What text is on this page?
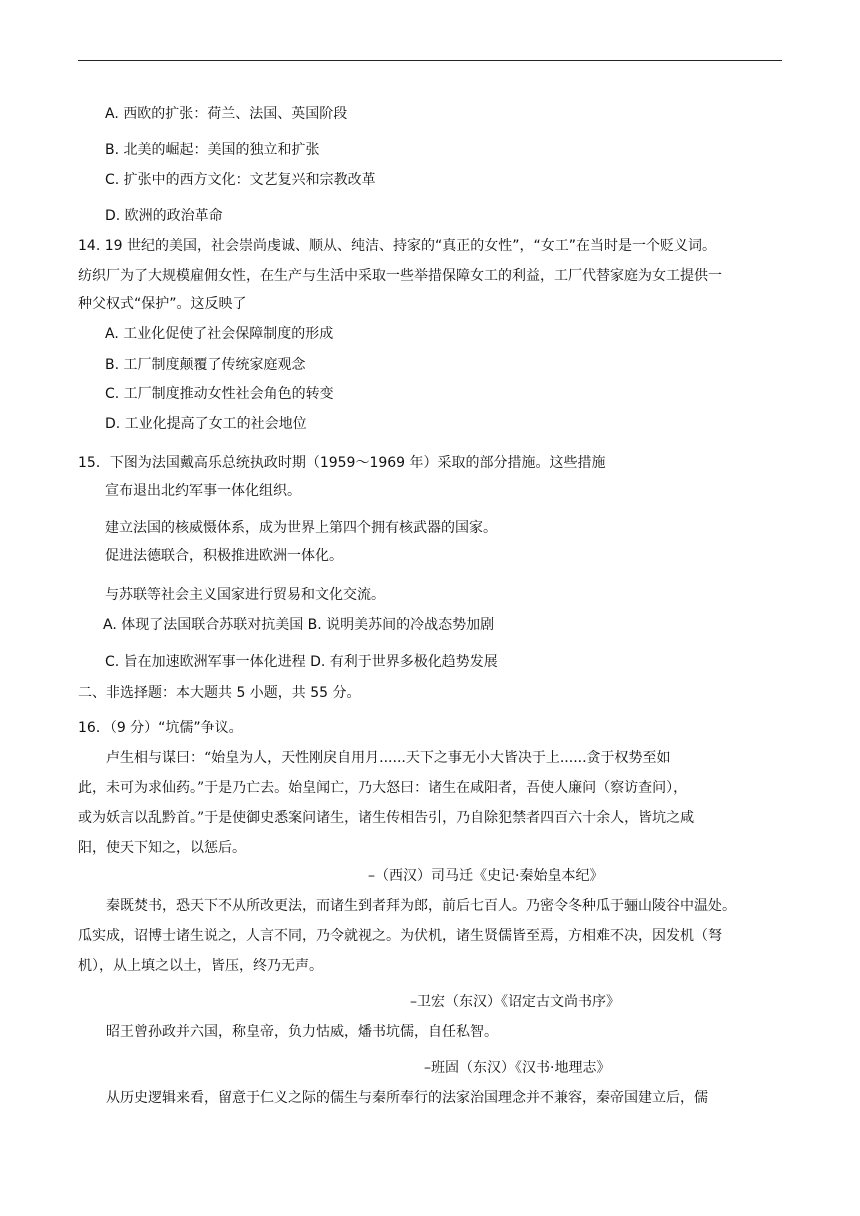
A. 西欧的扩张：荷兰、法国、英国阶段
B. 北美的崛起：美国的独立和扩张
C. 扩张中的西方文化：文艺复兴和宗教改革
D. 欧洲的政治革命
14. 19 世纪的美国，社会崇尚虔诚、顺从、纯洁、持家的“真正的女性”，“女工”在当时是一个贬义词。
纺织厂为了大规模雇佣女性，在生产与生活中采取一些举措保障女工的利益，工厂代替家庭为女工提供一
种父权式“保护”。这反映了
A. 工业化促使了社会保障制度的形成
B. 工厂制度颠覆了传统家庭观念
C. 工厂制度推动女性社会角色的转变
D. 工业化提高了女工的社会地位
15．下图为法国戴高乐总统执政时期（1959～1969 年）采取的部分措施。这些措施
宣布退出北约军事一体化组织。
建立法国的核威慑体系，成为世界上第四个拥有核武器的国家。
促进法德联合，积极推进欧洲一体化。
与苏联等社会主义国家进行贸易和文化交流。
A. 体现了法国联合苏联对抗美国 B. 说明美苏间的冷战态势加剧
C. 旨在加速欧洲军事一体化进程 D. 有利于世界多极化趋势发展
二、非选择题：本大题共 5 小题，共 55 分。
16．（9 分）“坑儒”争议。
卢生相与谋曰：“始皇为人，天性刚戾自用月......天下之事无小大皆决于上......贪于权势至如
此，未可为求仙药。”于是乃亡去。始皇闻亡，乃大怒曰：诸生在咸阳者，吾使人廉问（察访查问），
或为妖言以乱黔首。”于是使御史悉案问诸生，诸生传相告引，乃自除犯禁者四百六十余人，皆坑之咸
阳，使天下知之，以惩后。
–（西汉）司马迁《史记·秦始皇本纪》
秦既焚书，恐天下不从所改更法，而诸生到者拜为郎，前后七百人。乃密令冬种瓜于骊山陵谷中温处。
瓜实成，诏博士诸生说之，人言不同，乃令就视之。为伏机，诸生贤儒皆至焉，方相难不决，因发机（弩
机），从上填之以土，皆压，终乃无声。
–卫宏（东汉）《诏定古文尚书序》
昭王曾孙政并六国，称皇帝，负力怙威，燔书坑儒，自任私智。
–班固（东汉）《汉书·地理志》
从历史逻辑来看，留意于仁义之际的儒生与秦所奉行的法家治国理念并不兼容，秦帝国建立后，儒
